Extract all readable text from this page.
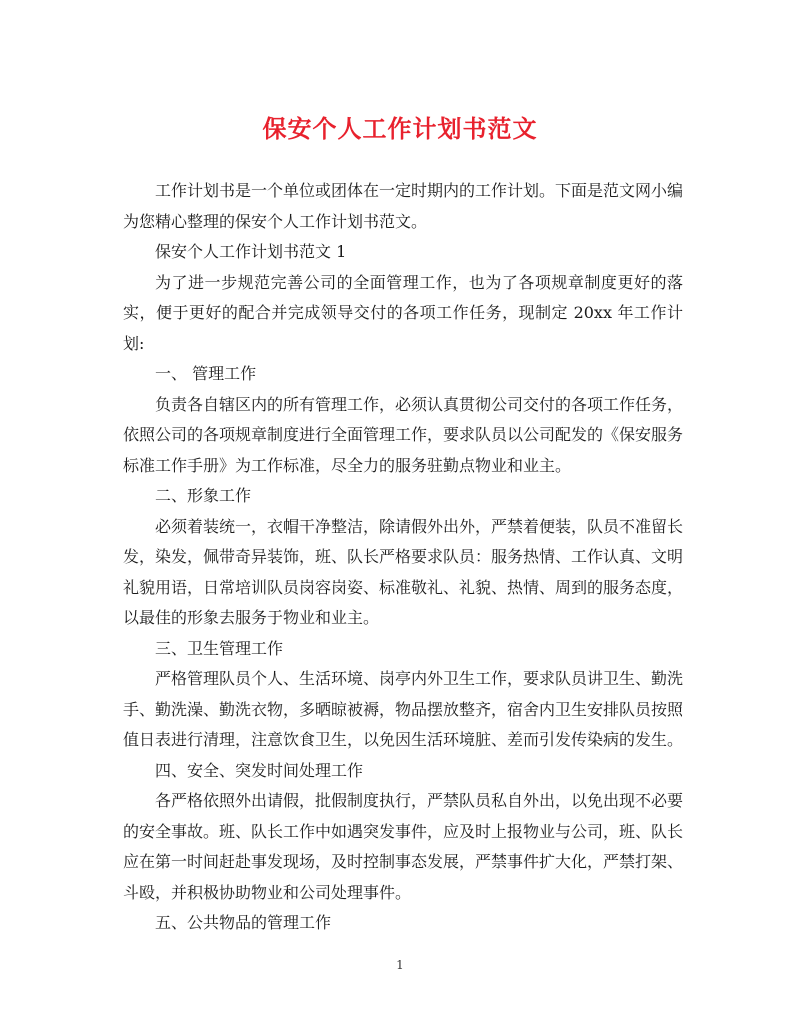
保安个人工作计划书范文

工作计划书是一个单位或团体在一定时期内的工作计划。下面是范文网小编为您精心整理的保安个人工作计划书范文。

保安个人工作计划书范文 1

为了进一步规范完善公司的全面管理工作，也为了各项规章制度更好的落实，便于更好的配合并完成领导交付的各项工作任务，现制定 20xx 年工作计划:

一、 管理工作

负责各自辖区内的所有管理工作，必须认真贯彻公司交付的各项工作任务，依照公司的各项规章制度进行全面管理工作，要求队员以公司配发的《保安服务标准工作手册》为工作标准，尽全力的服务驻勤点物业和业主。

二、形象工作

必须着装统一，衣帽干净整洁，除请假外出外，严禁着便装，队员不准留长发，染发，佩带奇异装饰，班、队长严格要求队员：服务热情、工作认真、文明礼貌用语，日常培训队员岗容岗姿、标准敬礼、礼貌、热情、周到的服务态度，以最佳的形象去服务于物业和业主。

三、卫生管理工作

严格管理队员个人、生活环境、岗亭内外卫生工作，要求队员讲卫生、勤洗手、勤洗澡、勤洗衣物，多晒晾被褥，物品摆放整齐，宿舍内卫生安排队员按照值日表进行清理，注意饮食卫生，以免因生活环境脏、差而引发传染病的发生。

四、安全、突发时间处理工作

各严格依照外出请假，批假制度执行，严禁队员私自外出，以免出现不必要的安全事故。班、队长工作中如遇突发事件，应及时上报物业与公司，班、队长应在第一时间赶赴事发现场，及时控制事态发展，严禁事件扩大化，严禁打架、斗殴，并积极协助物业和公司处理事件。

五、公共物品的管理工作

1
